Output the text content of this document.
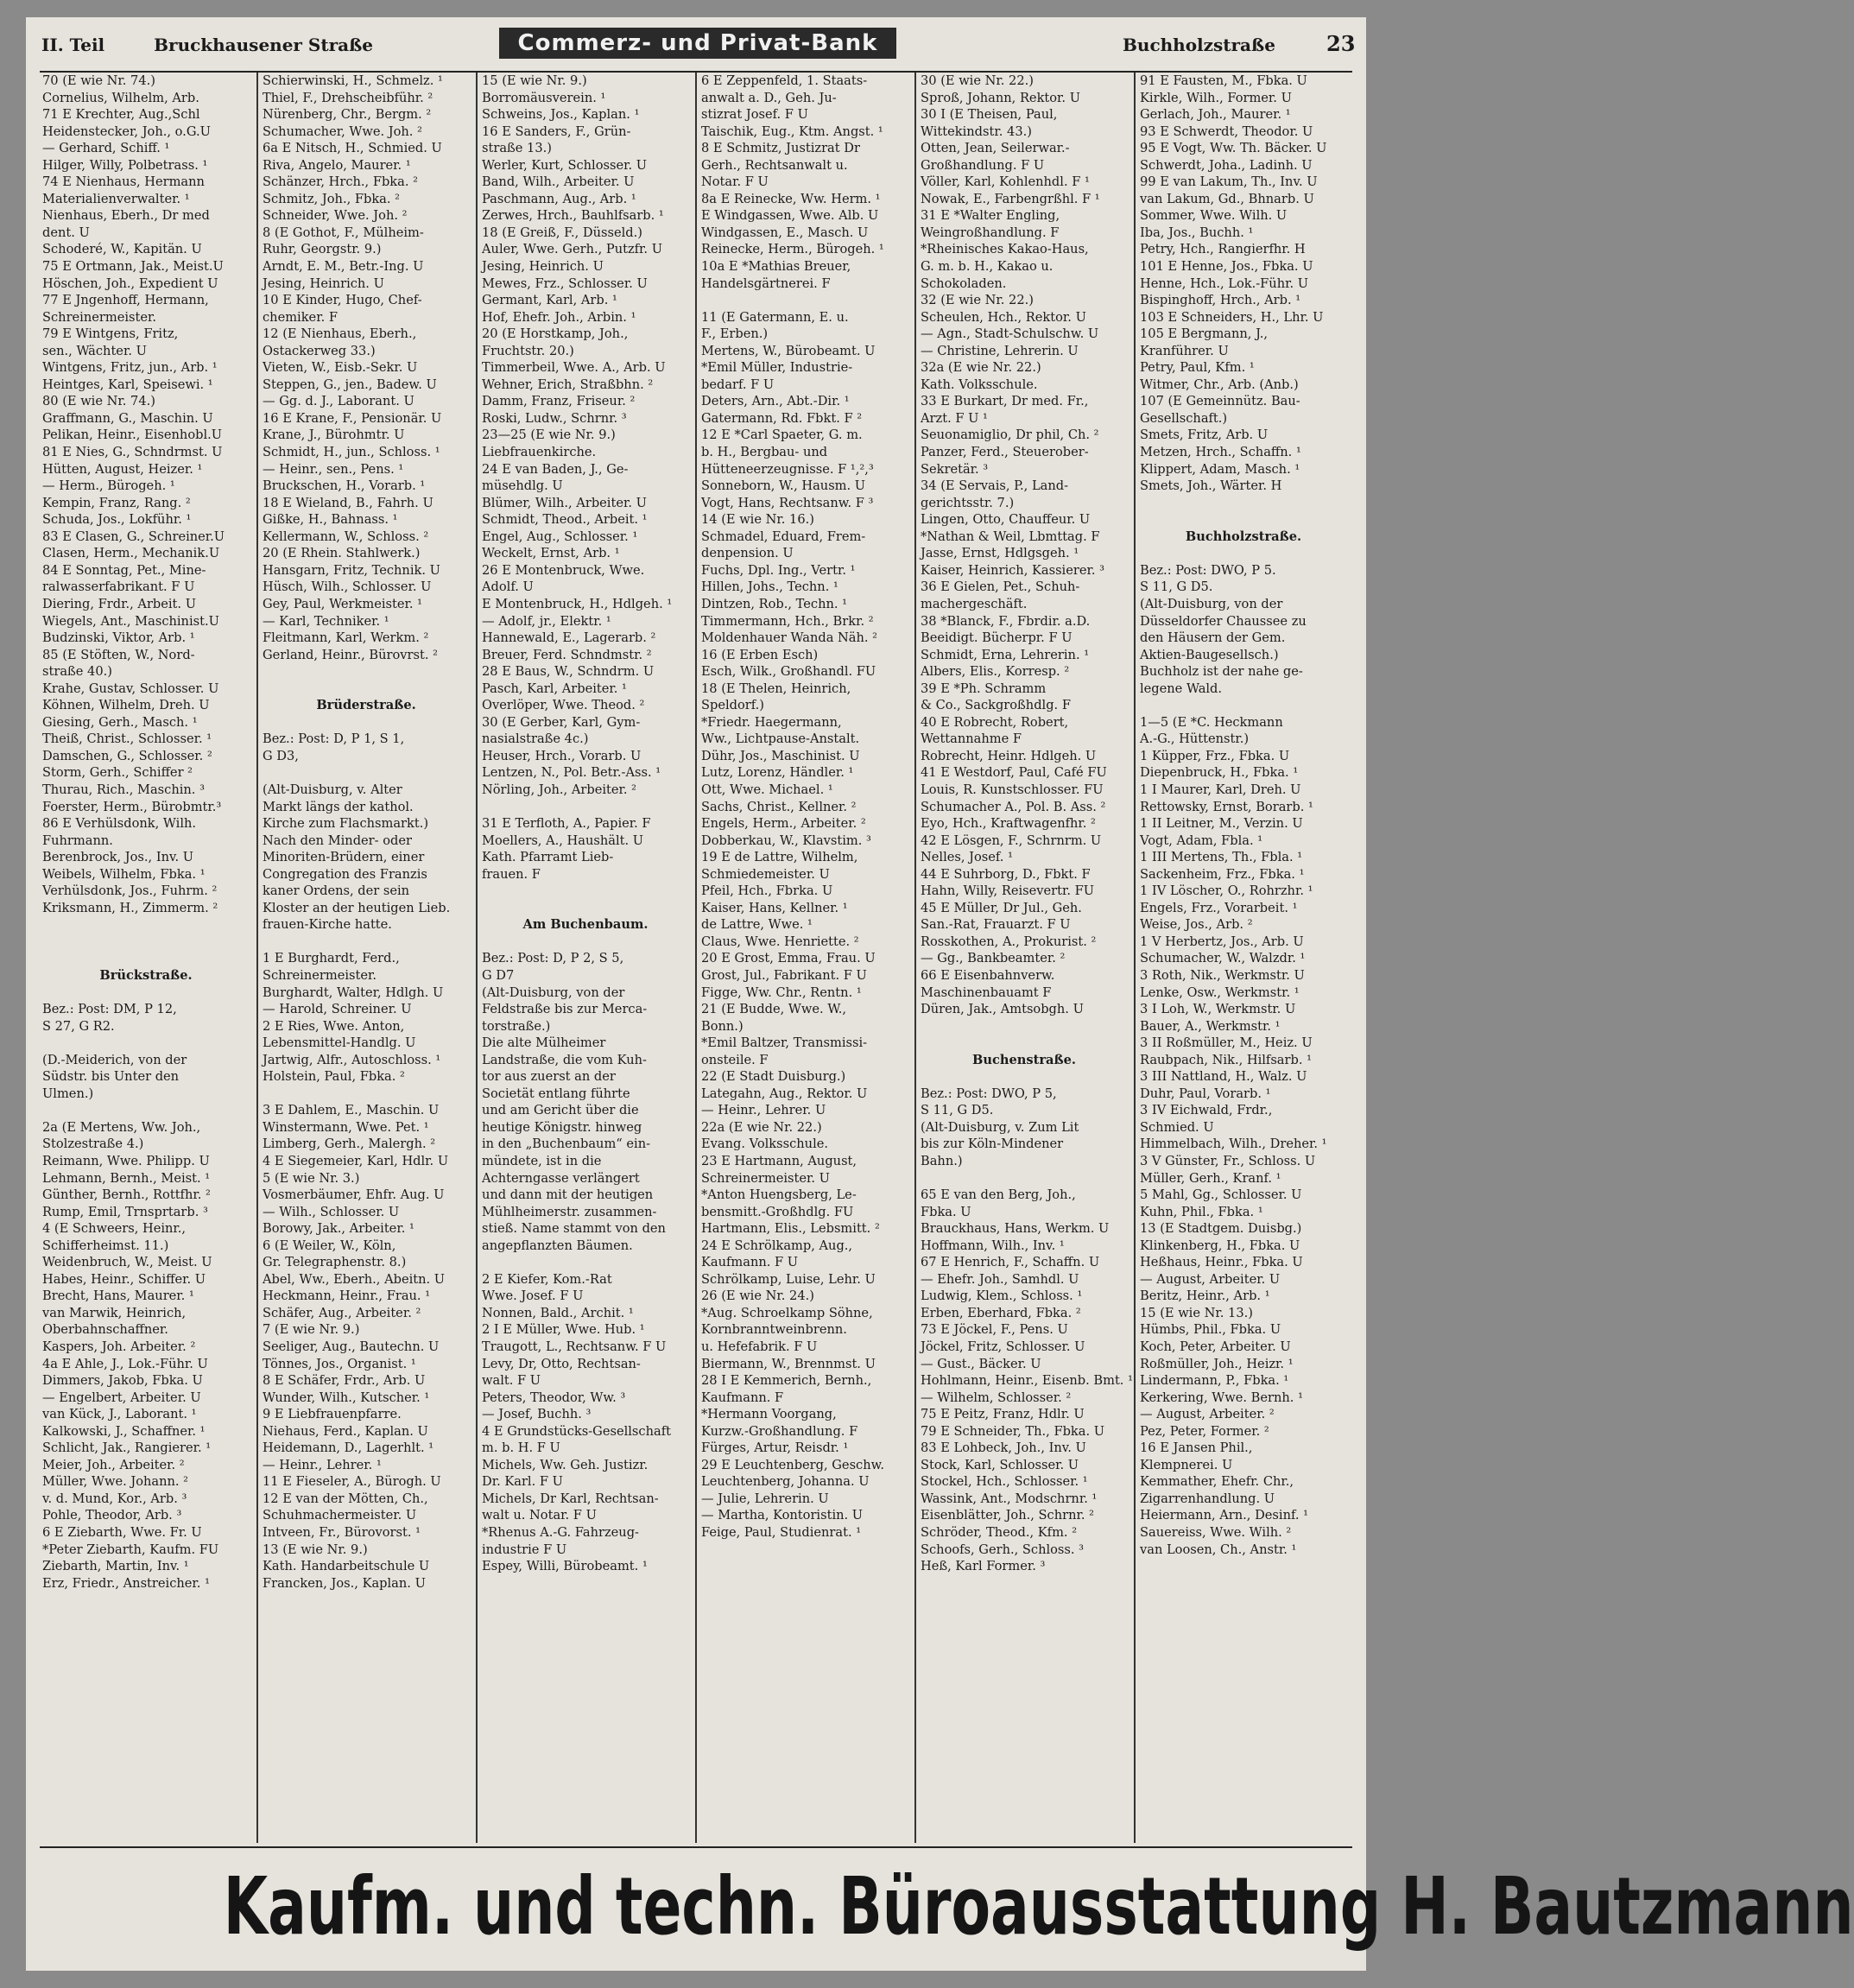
II. Teil	Bruckhausener Straße	Commerz- und Privat-Bank	Buchholzstraße 23
70 (E wie Nr. 74.)
Cornelius, Wilhelm, Arb.
71 E Krechter, Aug.,Schl
Heidenstecker, Joh., o.G.U
— Gerhard, Schiff. ¹
Hilger, Willy, Polbetrass. ¹
74 E Nienhaus, Hermann
Materialienverwalter. ¹
Nienhaus, Eberh., Dr med
dent. U
Schoderé, W., Kapitän. U
75 E Ortmann, Jak., Meist.U
Höschen, Joh., Expedient U
77 E Jngenhoff, Hermann,
Schreinermeister.
79 E Wintgens, Fritz,
sen., Wächter. U
Wintgens, Fritz, jun., Arb. ¹
Heintges, Karl, Speisewi. ¹
80 (E wie Nr. 74.)
Graffmann, G., Maschin. U
Pelikan, Heinr., Eisenhobl.U
81 E Nies, G., Schndrmst. U
Hütten, August, Heizer. ¹
— Herm., Bürogeh. ¹
Kempin, Franz, Rang. ²
Schuda, Jos., Lokführ. ¹
83 E Clasen, G., Schreiner.U
Clasen, Herm., Mechanik.U
84 E Sonntag, Pet., Mine-
ralwasserfabrikant. F U
Diering, Frdr., Arbeit. U
Wiegels, Ant., Maschinist.U
Budzinski, Viktor, Arb. ¹
85 (E Stöften, W., Nord-
straße 40.)
Krahe, Gustav, Schlosser. U
Köhnen, Wilhelm, Dreh. U
Giesing, Gerh., Masch. ¹
Theiß, Christ., Schlosser. ¹
Damschen, G., Schlosser. ²
Storm, Gerh., Schiffer ²
Thurau, Rich., Maschin. ³
Foerster, Herm., Bürobmtr.³
86 E Verhülsdonk, Wilh.
Fuhrmann.
Berenbrock, Jos., Inv. U
Weibels, Wilhelm, Fbka. ¹
Verhülsdonk, Jos., Fuhrm. ²
Kriksmann, H., Zimmerm. ²

Brückstraße.

Bez.: Post: DM, P 12,
S 27, G R2.

(D.-Meiderich, von der
Südstr. bis Unter den
Ulmen.)

2a (E Mertens, Ww. Joh.,
Stolzestraße 4.)
Reimann, Wwe. Philipp. U
Lehmann, Bernh., Meist. ¹
Günther, Bernh., Rottfhr. ²
Rump, Emil, Trnsprtarb. ³
4 (E Schweers, Heinr.,
Schifferheimst. 11.)
Weidenbruch, W., Meist. U
Habes, Heinr., Schiffer. U
Brecht, Hans, Maurer. ¹
van Marwik, Heinrich,
Oberbahnschaffner.
Kaspers, Joh. Arbeiter. ²
4a E Ahle, J., Lok.-Führ. U
Dimmers, Jakob, Fbka. U
— Engelbert, Arbeiter. U
van Kück, J., Laborant. ¹
Kalkowski, J., Schaffner. ¹
Schlicht, Jak., Rangierer. ¹
Meier, Joh., Arbeiter. ²
Müller, Wwe. Johann. ²
v. d. Mund, Kor., Arb. ³
Pohle, Theodor, Arb. ³
6 E Ziebarth, Wwe. Fr. U
*Peter Ziebarth, Kaufm. FU
Ziebarth, Martin, Inv. ¹
Erz, Friedr., Anstreicher. ¹
Schierwinski, H., Schmelz. ¹
Thiel, F., Drehscheibführ. ²
Nürenberg, Chr., Bergm. ²
Schumacher, Wwe. Joh. ²
6a E Nitsch, H., Schmied. U
Riva, Angelo, Maurer. ¹
Schänzer, Hrch., Fbka. ²
Schmitz, Joh., Fbka. ²
Schneider, Wwe. Joh. ²
8 (E Gothot, F., Mülheim-
Ruhr, Georgstr. 9.)
Arndt, E. M., Betr.-Ing. U
Jesing, Heinrich. U
10 E Kinder, Hugo, Chef-
chemiker. F
12 (E Nienhaus, Eberh.,
Ostackerweg 33.)
Vieten, W., Eisb.-Sekr. U
Steppen, G., jen., Badew. U
— Gg. d. J., Laborant. U
16 E Krane, F., Pensionär. U
Krane, J., Bürohmtr. U
Schmidt, H., jun., Schloss. ¹
— Heinr., sen., Pens. ¹
Bruckschen, H., Vorarb. ¹
18 E Wieland, B., Fahrh. U
Gißke, H., Bahnass. ¹
Kellermann, W., Schloss. ²
20 (E Rhein. Stahlwerk.)
Hansgarn, Fritz, Technik. U
Hüsch, Wilh., Schlosser. U
Gey, Paul, Werkmeister. ¹
— Karl, Techniker. ¹
Fleitmann, Karl, Werkm. ²
Gerland, Heinr., Bürovrst. ²

Brüderstraße.

Bez.: Post: D, P 1, S 1,
G D3,

(Alt-Duisburg, v. Alter
Markt längs der kathol.
Kirche zum Flachsmarkt.)
Nach den Minder- oder
Minoriten-Brüdern, einer
Congregation des Franzis
kaner Ordens, der sein
Kloster an der heutigen Lieb.
frauen-Kirche hatte.

1 E Burghardt, Ferd.,
Schreinermeister.
Burghardt, Walter, Hdlgh. U
— Harold, Schreiner. U
2 E Ries, Wwe. Anton,
Lebensmittel-Handlg. U
Jartwig, Alfr., Autoschloss. ¹
Holstein, Paul, Fbka. ²

3 E Dahlem, E., Maschin. U
Winstermann, Wwe. Pet. ¹
Limberg, Gerh., Malergh. ²
4 E Siegemeier, Karl, Hdlr. U
5 (E wie Nr. 3.)
Vosmerbäumer, Ehfr. Aug. U
— Wilh., Schlosser. U
Borowy, Jak., Arbeiter. ¹
6 (E Weiler, W., Köln,
Gr. Telegraphenstr. 8.)
Abel, Ww., Eberh., Abeitn. U
Heckmann, Heinr., Frau. ¹
Schäfer, Aug., Arbeiter. ²
7 (E wie Nr. 9.)
Seeliger, Aug., Bautechn. U
Tönnes, Jos., Organist. ¹
8 E Schäfer, Frdr., Arb. U
Wunder, Wilh., Kutscher. ¹
9 E Liebfrauenpfarre.
Niehaus, Ferd., Kaplan. U
Heidemann, D., Lagerhlt. ¹
— Heinr., Lehrer. ¹
11 E Fieseler, A., Bürogh. U
12 E van der Mötten, Ch.,
Schuhmachermeister. U
Intveen, Fr., Bürovorst. ¹
13 (E wie Nr. 9.)
Kath. Handarbeitschule U
Francken, Jos., Kaplan. U
15 (E wie Nr. 9.)
Borromäusverein. ¹
Schweins, Jos., Kaplan. ¹
16 E Sanders, F., Grün-
straße 13.)
Werler, Kurt, Schlosser. U
Band, Wilh., Arbeiter. U
Paschmann, Aug., Arb. ¹
Zerwes, Hrch., Bauhlfsarb. ¹
18 (E Greiß, F., Düsseld.)
Auler, Wwe. Gerh., Putzfr. U
Jesing, Heinrich. U
Mewes, Frz., Schlosser. U
Germant, Karl, Arb. ¹
Hof, Ehefr. Joh., Arbin. ¹
20 (E Horstkamp, Joh.,
Fruchtstr. 20.)
Timmerbeil, Wwe. A., Arb. U
Wehner, Erich, Straßbhn. ²
Damm, Franz, Friseur. ²
Roski, Ludw., Schrnr. ³
23—25 (E wie Nr. 9.)
Liebfrauenkirche.
24 E van Baden, J., Ge-
müsehdlg. U
Blümer, Wilh., Arbeiter. U
Schmidt, Theod., Arbeit. ¹
Engel, Aug., Schlosser. ¹
Weckelt, Ernst, Arb. ¹
26 E Montenbruck, Wwe.
Adolf. U
E Montenbruck, H., Hdlgeh. ¹
— Adolf, jr., Elektr. ¹
Hannewald, E., Lagerarb. ²
Breuer, Ferd. Schndmstr. ²
28 E Baus, W., Schndrm. U
Pasch, Karl, Arbeiter. ¹
Overlöper, Wwe. Theod. ²
30 (E Gerber, Karl, Gym-
nasialstraße 4c.)
Heuser, Hrch., Vorarb. U
Lentzen, N., Pol. Betr.-Ass. ¹
Nörling, Joh., Arbeiter. ²

31 E Terfloth, A., Papier. F
Moellers, A., Haushält. U
Kath. Pfarramt Lieb-
frauen. F

Am Buchenbaum.

Bez.: Post: D, P 2, S 5,
G D7
(Alt-Duisburg, von der
Feldstraße bis zur Merca-
torstraße.)
Die alte Mülheimer
Landstraße, die vom Kuh-
tor aus zuerst an der
Societät entlang führte
und am Gericht über die
heutige Königstr. hinweg
in den „Buchenbaum“ ein-
mündete, ist in die
Achterngasse verlängert
und dann mit der heutigen
Mühlheimerstr. zusammen-
stieß. Name stammt von den
angepflanzten Bäumen.

2 E Kiefer, Kom.-Rat
Wwe. Josef. F U
Nonnen, Bald., Archit. ¹
2 I E Müller, Wwe. Hub. ¹
Traugott, L., Rechtsanw. F U
Levy, Dr, Otto, Rechtsan-
walt. F U
Peters, Theodor, Ww. ³
— Josef, Buchh. ³
4 E Grundstücks-Gesellschaft
m. b. H. F U
Michels, Ww. Geh. Justizr.
Dr. Karl. F U
Michels, Dr Karl, Rechtsan-
walt u. Notar. F U
*Rhenus A.-G. Fahrzeug-
industrie F U
Espey, Willi, Bürobeamt. ¹
6 E Zeppenfeld, 1. Staats-
anwalt a. D., Geh. Ju-
stizrat Josef. F U
Taischik, Eug., Ktm. Angst. ¹
8 E Schmitz, Justizrat Dr
Gerh., Rechtsanwalt u.
Notar. F U
8a E Reinecke, Ww. Herm. ¹
E Windgassen, Wwe. Alb. U
Windgassen, E., Masch. U
Reinecke, Herm., Bürogeh. ¹
10a E *Mathias Breuer,
Handelsgärtnerei. F

11 (E Gatermann, E. u.
F., Erben.)
Mertens, W., Bürobeamt. U
*Emil Müller, Industrie-
bedarf. F U
Deters, Arn., Abt.-Dir. ¹
Gatermann, Rd. Fbkt. F ²
12 E *Carl Spaeter, G. m.
b. H., Bergbau- und
Hütteneerzeugnisse. F ¹,²,³
Sonneborn, W., Hausm. U
Vogt, Hans, Rechtsanw. F ³
14 (E wie Nr. 16.)
Schmadel, Eduard, Frem-
denpension. U
Fuchs, Dpl. Ing., Vertr. ¹
Hillen, Johs., Techn. ¹
Dintzen, Rob., Techn. ¹
Timmermann, Hch., Brkr. ²
Moldenhauer Wanda Näh. ²
16 (E Erben Esch)
Esch, Wilk., Großhandl. FU
18 (E Thelen, Heinrich,
Speldorf.)
*Friedr. Haegermann,
Ww., Lichtpause-Anstalt.
Dühr, Jos., Maschinist. U
Lutz, Lorenz, Händler. ¹
Ott, Wwe. Michael. ¹
Sachs, Christ., Kellner. ²
Engels, Herm., Arbeiter. ²
Dobberkau, W., Klavstim. ³
19 E de Lattre, Wilhelm,
Schmiedemeister. U
Pfeil, Hch., Fbrka. U
Kaiser, Hans, Kellner. ¹
de Lattre, Wwe. ¹
Claus, Wwe. Henriette. ²
20 E Grost, Emma, Frau. U
Grost, Jul., Fabrikant. F U
Figge, Ww. Chr., Rentn. ¹
21 (E Budde, Wwe. W.,
Bonn.)
*Emil Baltzer, Transmissi-
onsteile. F
22 (E Stadt Duisburg.)
Lategahn, Aug., Rektor. U
— Heinr., Lehrer. U
22a (E wie Nr. 22.)
Evang. Volksschule.
23 E Hartmann, August,
Schreinermeister. U
*Anton Huengsberg, Le-
bensmitt.-Großhdlg. FU
Hartmann, Elis., Lebsmitt. ²
24 E Schrölkamp, Aug.,
Kaufmann. F U
Schrölkamp, Luise, Lehr. U
26 (E wie Nr. 24.)
*Aug. Schroelkamp Söhne,
Kornbranntweinbrenn.
u. Hefefabrik. F U
Biermann, W., Brennmst. U
28 I E Kemmerich, Bernh.,
Kaufmann. F
*Hermann Voorgang,
Kurzw.-Großhandlung. F
Fürges, Artur, Reisdr. ¹
29 E Leuchtenberg, Geschw.
Leuchtenberg, Johanna. U
— Julie, Lehrerin. U
— Martha, Kontoristin. U
Feige, Paul, Studienrat. ¹
30 (E wie Nr. 22.)
Sproß, Johann, Rektor. U
30 I (E Theisen, Paul,
Wittekindstr. 43.)
Otten, Jean, Seilerwar.-
Großhandlung. F U
Völler, Karl, Kohlenhdl. F ¹
Nowak, E., Farbengrßhl. F ¹
31 E *Walter Engling,
Weingroßhandlung. F
*Rheinisches Kakao-Haus,
G. m. b. H., Kakao u.
Schokoladen.
32 (E wie Nr. 22.)
Scheulen, Hch., Rektor. U
— Agn., Stadt-Schulschw. U
— Christine, Lehrerin. U
32a (E wie Nr. 22.)
Kath. Volksschule.
33 E Burkart, Dr med. Fr.,
Arzt. F U ¹
Seuonamiglio, Dr phil, Ch. ²
Panzer, Ferd., Steuerober-
Sekretär. ³
34 (E Servais, P., Land-
gerichtsstr. 7.)
Lingen, Otto, Chauffeur. U
*Nathan & Weil, Lbmttag. F
Jasse, Ernst, Hdlgsgeh. ¹
Kaiser, Heinrich, Kassierer. ³
36 E Gielen, Pet., Schuh-
machergeschäft.
38 *Blanck, F., Fbrdir. a.D.
Beeidigt. Bücherpr. F U
Schmidt, Erna, Lehrerin. ¹
Albers, Elis., Korresp. ²
39 E *Ph. Schramm
& Co., Sackgroßhdlg. F
40 E Robrecht, Robert,
Wettannahme F
Robrecht, Heinr. Hdlgeh. U
41 E Westdorf, Paul, Café FU
Louis, R. Kunstschlosser. FU
Schumacher A., Pol. B. Ass. ²
Eyo, Hch., Kraftwagenfhr. ²
42 E Lösgen, F., Schrnrm. U
Nelles, Josef. ¹
44 E Suhrborg, D., Fbkt. F
Hahn, Willy, Reisevertr. FU
45 E Müller, Dr Jul., Geh.
San.-Rat, Frauarzt. F U
Rosskothen, A., Prokurist. ²
— Gg., Bankbeamter. ²
66 E Eisenbahnverw.
Maschinenbauamt F
Düren, Jak., Amtsobgh. U

Buchenstraße.

Bez.: Post: DWO, P 5,
S 11, G D5.
(Alt-Duisburg, v. Zum Lit
bis zur Köln-Mindener
Bahn.)

65 E van den Berg, Joh.,
Fbka. U
Brauckhaus, Hans, Werkm. U
Hoffmann, Wilh., Inv. ¹
67 E Henrich, F., Schaffn. U
— Ehefr. Joh., Samhdl. U
Ludwig, Klem., Schloss. ¹
Erben, Eberhard, Fbka. ²
73 E Jöckel, F., Pens. U
Jöckel, Fritz, Schlosser. U
— Gust., Bäcker. U
Hohlmann, Heinr., Eisenb. Bmt. ¹
— Wilhelm, Schlosser. ²
75 E Peitz, Franz, Hdlr. U
79 E Schneider, Th., Fbka. U
83 E Lohbeck, Joh., Inv. U
Stock, Karl, Schlosser. U
Stockel, Hch., Schlosser. ¹
Wassink, Ant., Modschrnr. ¹
Eisenblätter, Joh., Schrnr. ²
Schröder, Theod., Kfm. ²
Schoofs, Gerh., Schloss. ³
Heß, Karl Former. ³
91 E Fausten, M., Fbka. U
Kirkle, Wilh., Former. U
Gerlach, Joh., Maurer. ¹
93 E Schwerdt, Theodor. U
95 E Vogt, Ww. Th. Bäcker. U
Schwerdt, Joha., Ladinh. U
99 E van Lakum, Th., Inv. U
van Lakum, Gd., Bhnarb. U
Sommer, Wwe. Wilh. U
Iba, Jos., Buchh. ¹
Petry, Hch., Rangierfhr. H
101 E Henne, Jos., Fbka. U
Henne, Hch., Lok.-Führ. U
Bispinghoff, Hrch., Arb. ¹
103 E Schneiders, H., Lhr. U
105 E Bergmann, J.,
Kranführer. U
Petry, Paul, Kfm. ¹
Witmer, Chr., Arb. (Anb.)
107 (E Gemeinnütz. Bau-
Gesellschaft.)
Smets, Fritz, Arb. U
Metzen, Hrch., Schaffn. ¹
Klippert, Adam, Masch. ¹
Smets, Joh., Wärter. H

Buchholzstraße.

Bez.: Post: DWO, P 5.
S 11, G D5.
(Alt-Duisburg, von der
Düsseldorfer Chaussee zu
den Häusern der Gem.
Aktien-Baugesellsch.)
Buchholz ist der nahe ge-
legene Wald.

1—5 (E *C. Heckmann
A.-G., Hüttenstr.)
1 Küpper, Frz., Fbka. U
Diepenbruck, H., Fbka. ¹
1 I Maurer, Karl, Dreh. U
Rettowsky, Ernst, Borarb. ¹
1 II Leitner, M., Verzin. U
Vogt, Adam, Fbla. ¹
1 III Mertens, Th., Fbla. ¹
Sackenheim, Frz., Fbka. ¹
1 IV Löscher, O., Rohrzhr. ¹
Engels, Frz., Vorarbeit. ¹
Weise, Jos., Arb. ²
1 V Herbertz, Jos., Arb. U
Schumacher, W., Walzdr. ¹
3 Roth, Nik., Werkmstr. U
Lenke, Osw., Werkmstr. ¹
3 I Loh, W., Werkmstr. U
Bauer, A., Werkmstr. ¹
3 II Roßmüller, M., Heiz. U
Raubpach, Nik., Hilfsarb. ¹
3 III Nattland, H., Walz. U
Duhr, Paul, Vorarb. ¹
3 IV Eichwald, Frdr.,
Schmied. U
Himmelbach, Wilh., Dreher. ¹
3 V Günster, Fr., Schloss. U
Müller, Gerh., Kranf. ¹
5 Mahl, Gg., Schlosser. U
Kuhn, Phil., Fbka. ¹
13 (E Stadtgem. Duisbg.)
Klinkenberg, H., Fbka. U
Heßhaus, Heinr., Fbka. U
— August, Arbeiter. U
Beritz, Heinr., Arb. ¹
15 (E wie Nr. 13.)
Hümbs, Phil., Fbka. U
Koch, Peter, Arbeiter. U
Roßmüller, Joh., Heizr. ¹
Lindermann, P., Fbka. ¹
Kerkering, Wwe. Bernh. ¹
— August, Arbeiter. ²
Pez, Peter, Former. ²
16 E Jansen Phil.,
Klempnerei. U
Kemmather, Ehefr. Chr.,
Zigarrenhandlung. U
Heiermann, Arn., Desinf. ¹
Sauereiss, Wwe. Wilh. ²
van Loosen, Ch., Anstr. ¹
Kaufm. und techn. Büroausstattung H. Bautzmann
